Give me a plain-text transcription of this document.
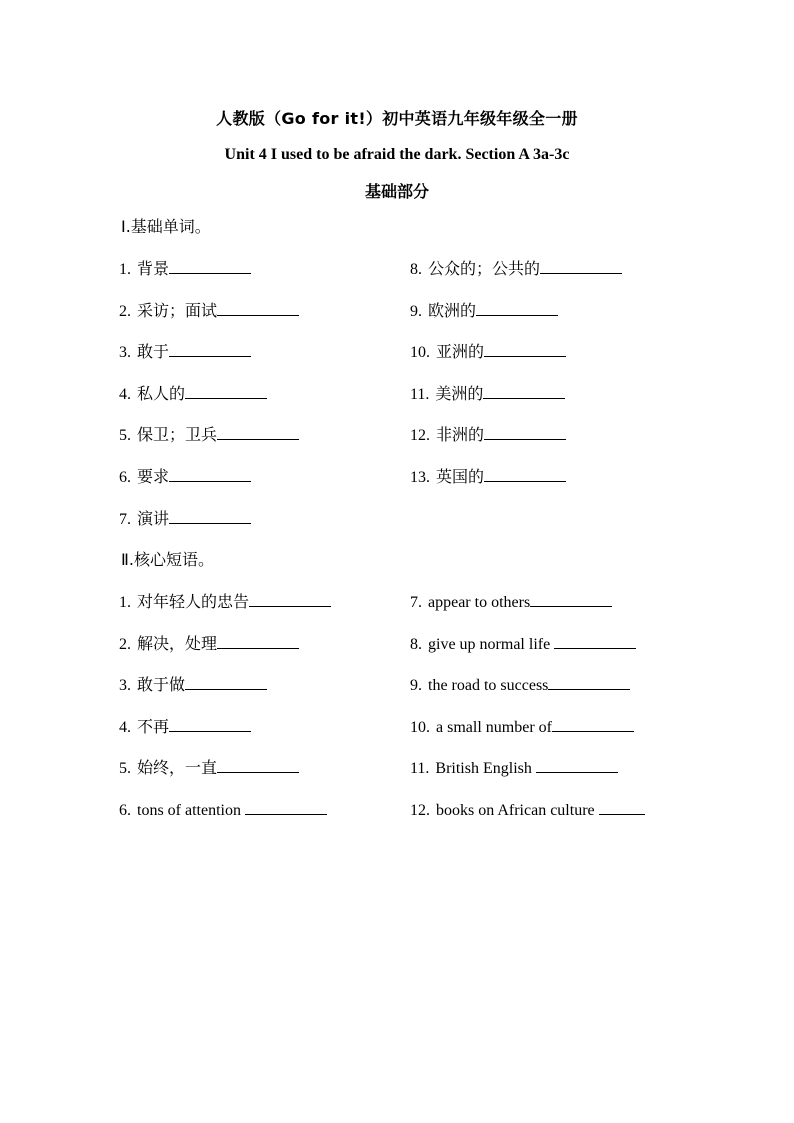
人教版（Go for it!）初中英语九年级年级全一册
Unit 4 I used to be afraid the dark. Section A 3a-3c
基础部分
Ⅰ.基础单词。
1. 背景
2. 采访；面试
3. 敢于
4. 私人的
5. 保卫；卫兵
6. 要求
7. 演讲
8. 公众的；公共的
9. 欧洲的
10. 亚洲的
11. 美洲的
12. 非洲的
13. 英国的
Ⅱ.核心短语。
1. 对年轻人的忠告
2. 解决，处理
3. 敢于做
4. 不再
5. 始终，一直
6. tons of attention
7. appear to others
8. give up normal life
9. the road to success
10. a small number of
11. British English
12. books on African culture
